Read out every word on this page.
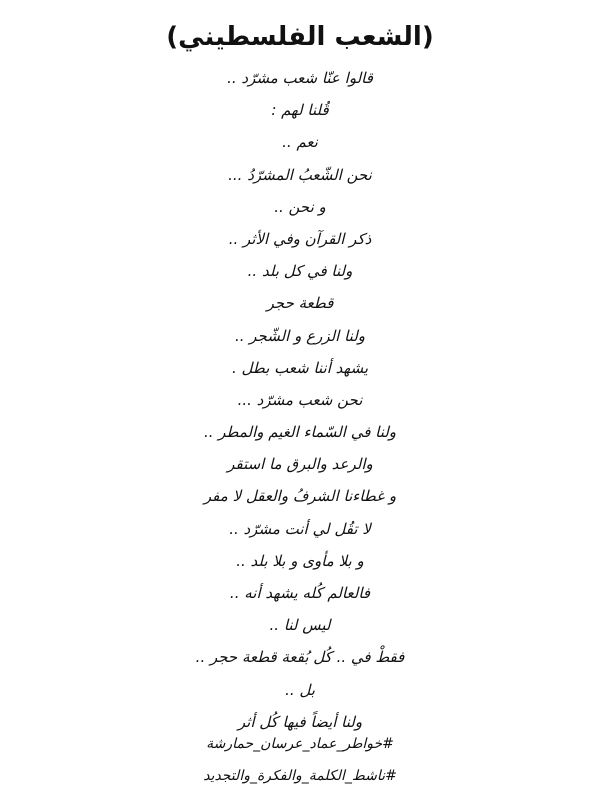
(الشعب الفلسطيني)
قالوا عنّا شعب مشرّد ..
قُلنا لهم :
نعم ..
نحن الشّعبُ المشرّدُ ...
و نحن ..
ذكر القرآن وفي الأثر ..
ولنا في كل بلد ..
قطعة حجر
ولنا الزرع و الشّجر ..
يشهد أننا شعب بطل .
نحن شعب مشرّد ...
ولنا في السّماء الغيم والمطر ..
والرعد والبرق ما استقر
و غطاءنا الشرفُ والعقل لا مفر
لا تقُل لي أنت مشرّد ..
و بلا مأوى و بلا بلد ..
فالعالم كُله يشهد أنه ..
ليس لنا ..
فقطْ في .. كُل بُقعة قطعة حجر ..
بل ..
ولنا أيضاً فيها كُل أثر
#خواطر_عماد_عرسان_حمارشة
#ناشط_الكلمة_والفكرة_والتجديد
